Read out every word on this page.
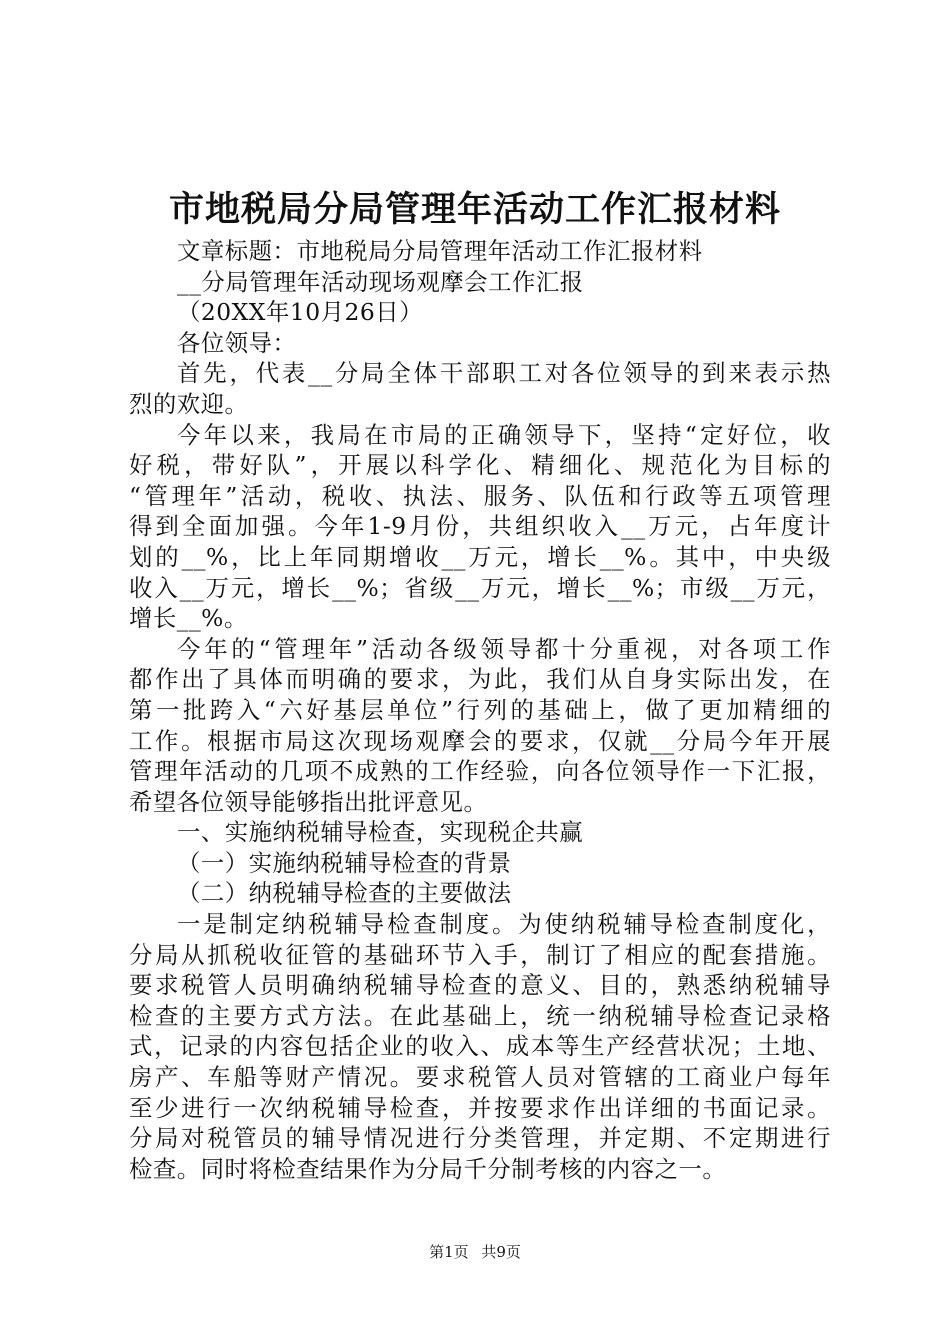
市地税局分局管理年活动工作汇报材料
文章标题：市地税局分局管理年活动工作汇报材料
__分局管理年活动现场观摩会工作汇报
（20XX年10月26日）
各位领导：
首先，代表__分局全体干部职工对各位领导的到来表示热
烈的欢迎。
今年以来，我局在市局的正确领导下，坚持“定好位，收
好税，带好队”，开展以科学化、精细化、规范化为目标的
“管理年”活动，税收、执法、服务、队伍和行政等五项管理
得到全面加强。今年1-9月份，共组织收入__万元，占年度计
划的__%，比上年同期增收__万元，增长__%。其中，中央级
收入__万元，增长__%；省级__万元，增长__%；市级__万元，
增长__%。
今年的“管理年”活动各级领导都十分重视，对各项工作
都作出了具体而明确的要求，为此，我们从自身实际出发，在
第一批跨入“六好基层单位”行列的基础上，做了更加精细的
工作。根据市局这次现场观摩会的要求，仅就__分局今年开展
管理年活动的几项不成熟的工作经验，向各位领导作一下汇报，
希望各位领导能够指出批评意见。
一、实施纳税辅导检查，实现税企共赢
（一）实施纳税辅导检查的背景
（二）纳税辅导检查的主要做法
一是制定纳税辅导检查制度。为使纳税辅导检查制度化，
分局从抓税收征管的基础环节入手，制订了相应的配套措施。
要求税管人员明确纳税辅导检查的意义、目的，熟悉纳税辅导
检查的主要方式方法。在此基础上，统一纳税辅导检查记录格
式，记录的内容包括企业的收入、成本等生产经营状况；土地、
房产、车船等财产情况。要求税管人员对管辖的工商业户每年
至少进行一次纳税辅导检查，并按要求作出详细的书面记录。
分局对税管员的辅导情况进行分类管理，并定期、不定期进行
检查。同时将检查结果作为分局千分制考核的内容之一。
第1页 共9页
